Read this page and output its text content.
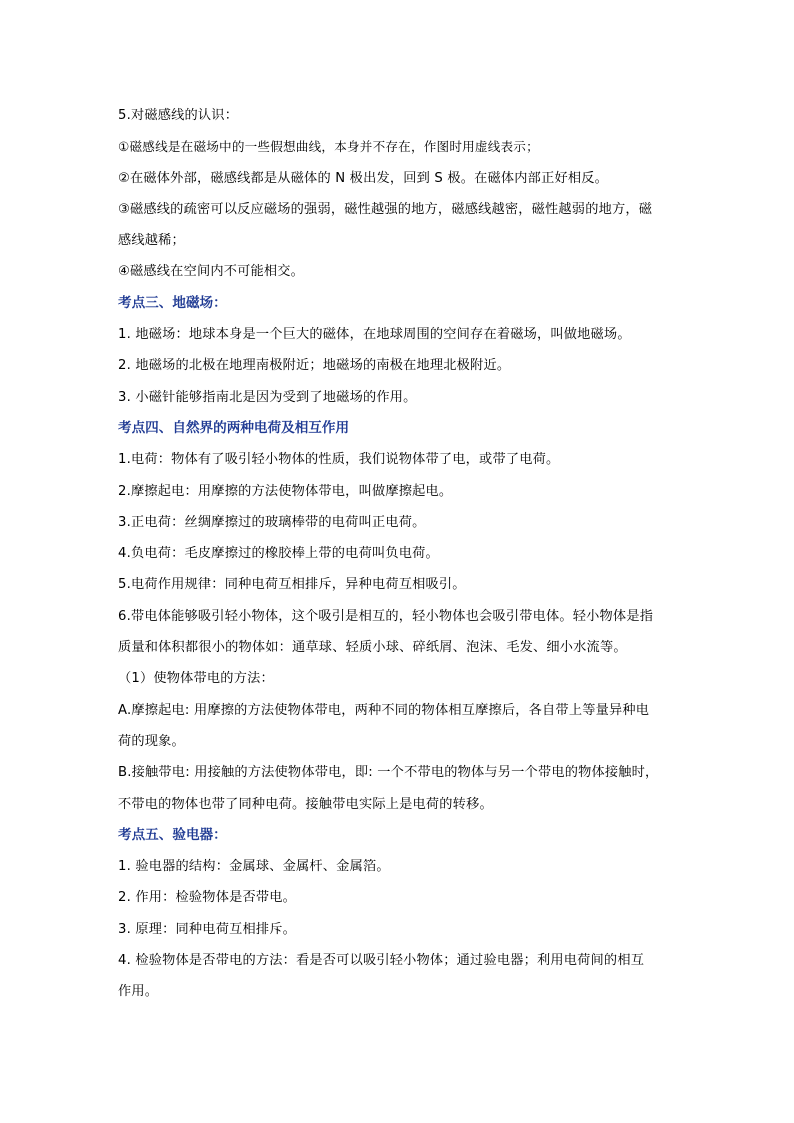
5.对磁感线的认识：
①磁感线是在磁场中的一些假想曲线，本身并不存在，作图时用虚线表示；
②在磁体外部，磁感线都是从磁体的 N 极出发，回到 S 极。在磁体内部正好相反。
③磁感线的疏密可以反应磁场的强弱，磁性越强的地方，磁感线越密，磁性越弱的地方，磁
感线越稀；
④磁感线在空间内不可能相交。
考点三、地磁场：
1. 地磁场：地球本身是一个巨大的磁体，在地球周围的空间存在着磁场，叫做地磁场。
2. 地磁场的北极在地理南极附近；地磁场的南极在地理北极附近。
3. 小磁针能够指南北是因为受到了地磁场的作用。
考点四、自然界的两种电荷及相互作用
1.电荷：物体有了吸引轻小物体的性质，我们说物体带了电，或带了电荷。
2.摩擦起电：用摩擦的方法使物体带电，叫做摩擦起电。
3.正电荷：丝绸摩擦过的玻璃棒带的电荷叫正电荷。
4.负电荷：毛皮摩擦过的橡胶棒上带的电荷叫负电荷。
5.电荷作用规律：同种电荷互相排斥，异种电荷互相吸引。
6.带电体能够吸引轻小物体，这个吸引是相互的，轻小物体也会吸引带电体。轻小物体是指
质量和体积都很小的物体如：通草球、轻质小球、碎纸屑、泡沫、毛发、细小水流等。
（1）使物体带电的方法：
A.摩擦起电: 用摩擦的方法使物体带电，两种不同的物体相互摩擦后，各自带上等量异种电
荷的现象。
B.接触带电: 用接触的方法使物体带电，即: 一个不带电的物体与另一个带电的物体接触时，
不带电的物体也带了同种电荷。接触带电实际上是电荷的转移。
考点五、验电器：
1. 验电器的结构：金属球、金属杆、金属箔。
2. 作用：检验物体是否带电。
3. 原理：同种电荷互相排斥。
4. 检验物体是否带电的方法：看是否可以吸引轻小物体；通过验电器；利用电荷间的相互
作用。
